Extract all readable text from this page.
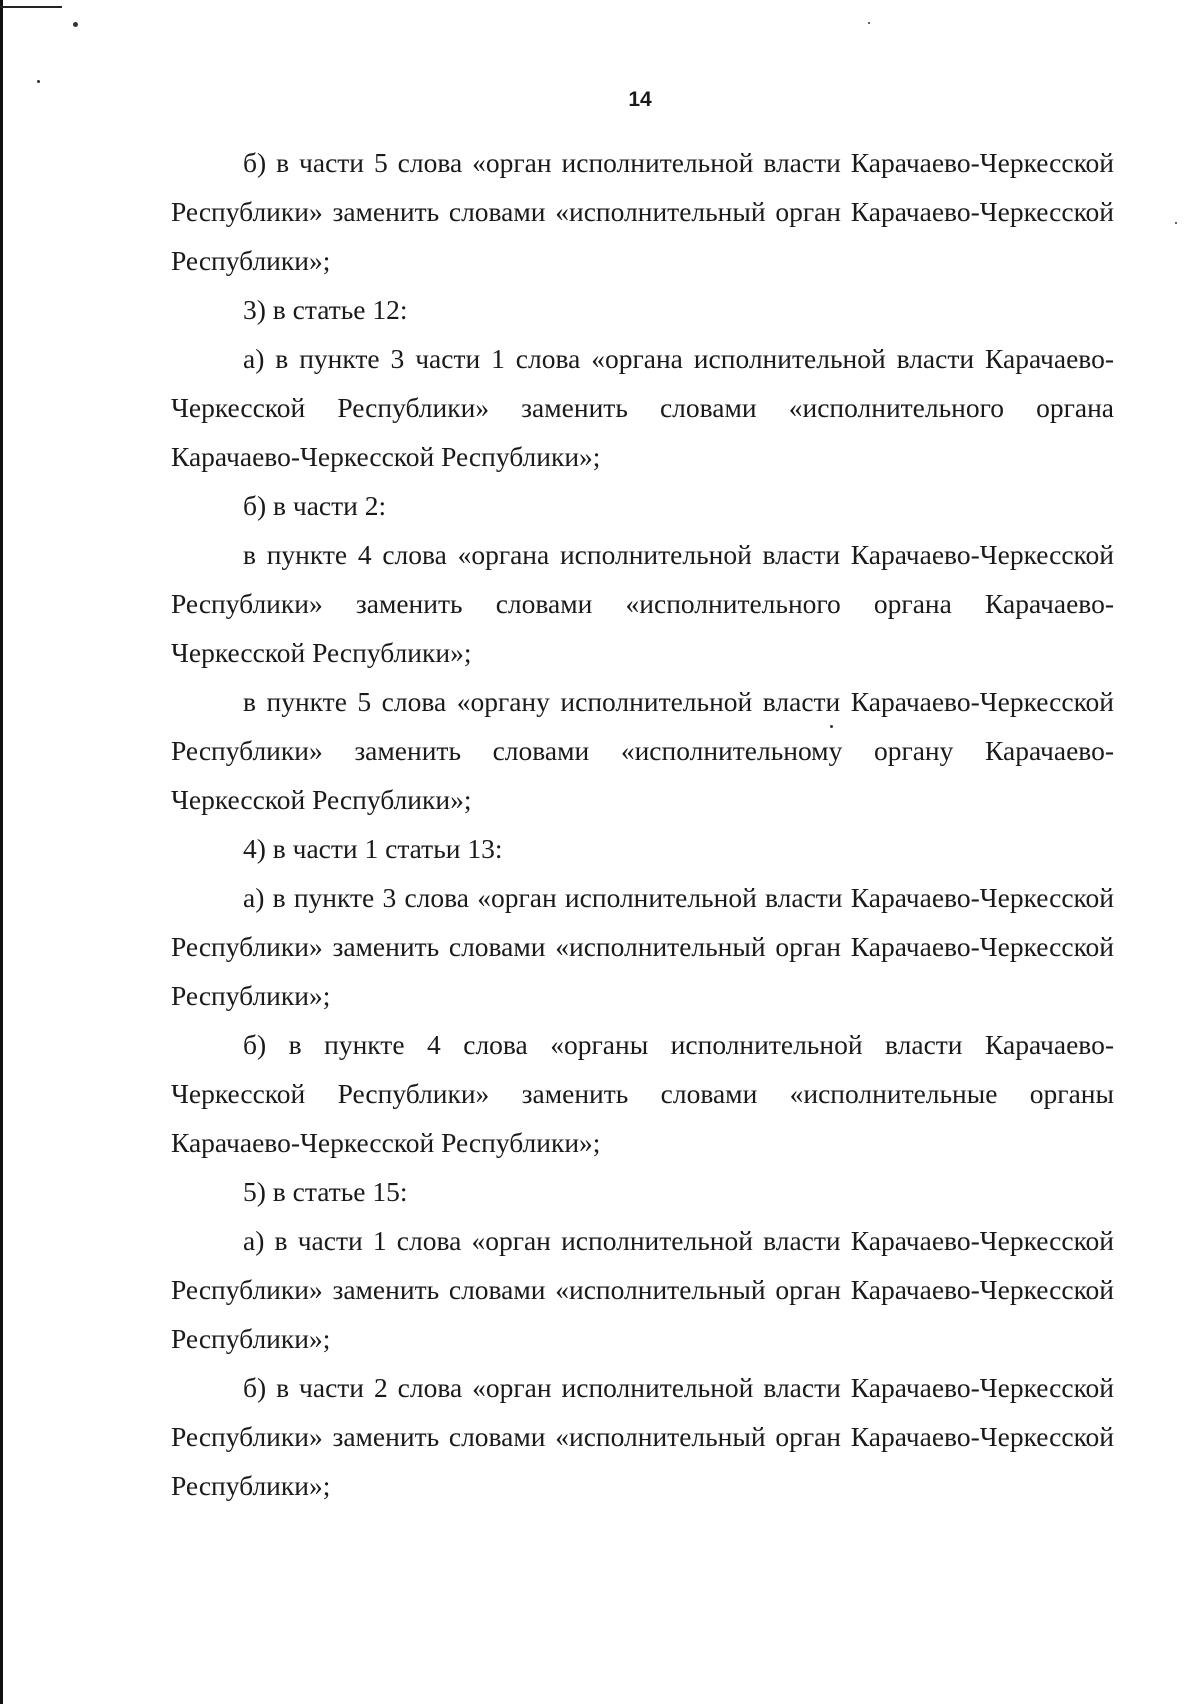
14

б) в части 5 слова «орган исполнительной власти Карачаево-Черкесской Республики» заменить словами «исполнительный орган Карачаево-Черкесской Республики»;

3) в статье 12:

а) в пункте 3 части 1 слова «органа исполнительной власти Карачаево-Черкесской Республики» заменить словами «исполнительного органа Карачаево-Черкесской Республики»;

б) в части 2:

в пункте 4 слова «органа исполнительной власти Карачаево-Черкесской Республики» заменить словами «исполнительного органа Карачаево-Черкесской Республики»;

в пункте 5 слова «органу исполнительной власти Карачаево-Черкесской Республики» заменить словами «исполнительному органу Карачаево-Черкесской Республики»;

4) в части 1 статьи 13:

а) в пункте 3 слова «орган исполнительной власти Карачаево-Черкесской Республики» заменить словами «исполнительный орган Карачаево-Черкесской Республики»;

б) в пункте 4 слова «органы исполнительной власти Карачаево-Черкесской Республики» заменить словами «исполнительные органы Карачаево-Черкесской Республики»;

5) в статье 15:

а) в части 1 слова «орган исполнительной власти Карачаево-Черкесской Республики» заменить словами «исполнительный орган Карачаево-Черкесской Республики»;

б) в части 2 слова «орган исполнительной власти Карачаево-Черкесской Республики» заменить словами «исполнительный орган Карачаево-Черкесской Республики»;
